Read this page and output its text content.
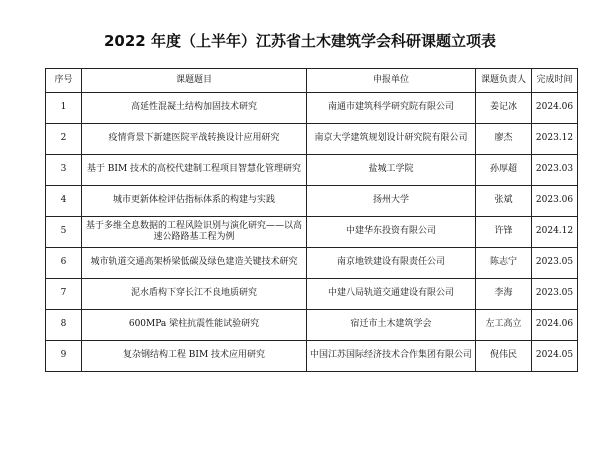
2022 年度（上半年）江苏省土木建筑学会科研课题立项表
序号	课题题目	申报单位	课题负责人	完成时间
1	高延性混凝土结构加固技术研究	南通市建筑科学研究院有限公司	姜记冰	2024.06
2	疫情背景下新建医院平战转换设计应用研究	南京大学建筑规划设计研究院有限公司	廖杰	2023.12
3	基于 BIM 技术的高校代建制工程项目智慧化管理研究	盐城工学院	孙厚超	2023.03
4	城市更新体检评估指标体系的构建与实践	扬州大学	张斌	2023.06
5	基于多维全息数据的工程风险识别与演化研究——以高速公路路基工程为例	中建华东投资有限公司	许锋	2024.12
6	城市轨道交通高架桥梁低碳及绿色建造关键技术研究	南京地铁建设有限责任公司	陈志宁	2023.05
7	泥水盾构下穿长江不良地质研究	中建八局轨道交通建设有限公司	李海	2023.05
8	600MPa 梁柱抗震性能试验研究	宿迁市土木建筑学会	左工高立	2024.06
9	复杂钢结构工程 BIM 技术应用研究	中国江苏国际经济技术合作集团有限公司	倪伟民	2024.05
